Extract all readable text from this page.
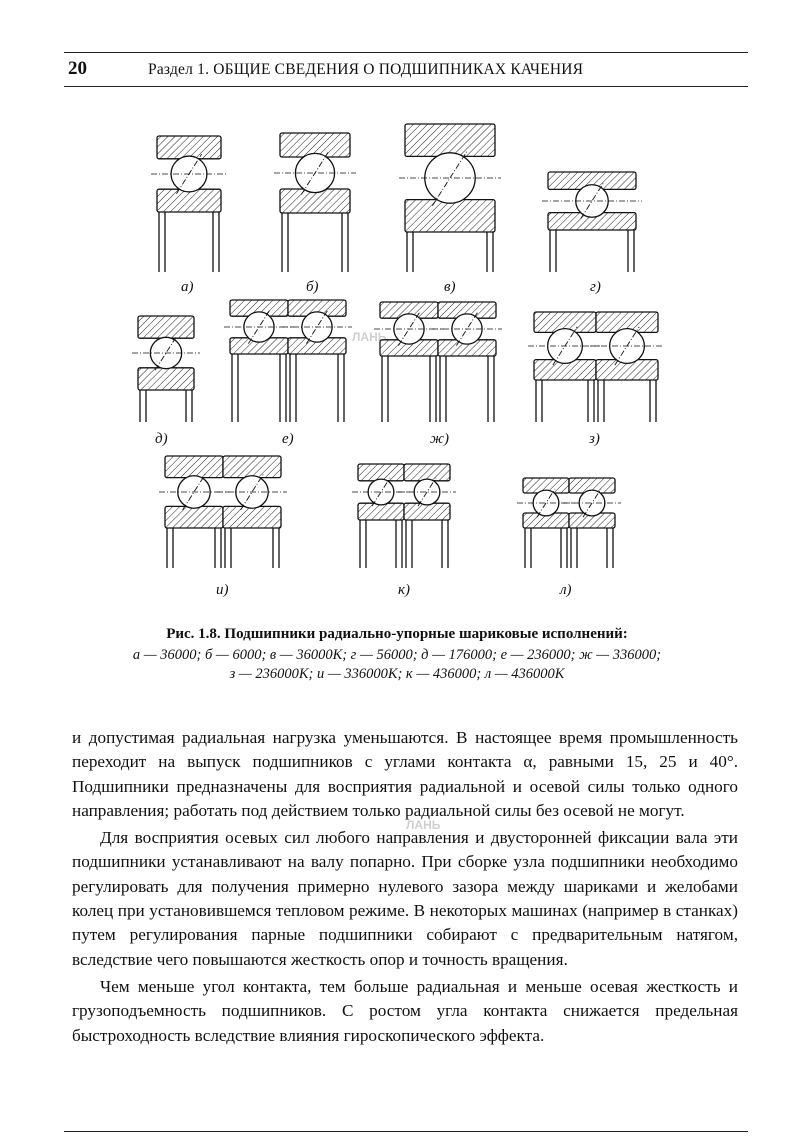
20	Раздел 1. ОБЩИЕ СВЕДЕНИЯ О ПОДШИПНИКАХ КАЧЕНИЯ
а)	б)	в)	г)
д)	е)	ж)	з)
и)	к)	л)
Рис. 1.8. Подшипники радиально-упорные шариковые исполнений:
а — 36000; б — 6000; в — 36000К; г — 56000; д — 176000; е — 236000; ж — 336000;
з — 236000К; и — 336000К; к — 436000; л — 436000К
ЛАНЬ
ЛАНЬ

и допустимая радиальная нагрузка уменьшаются. В настоящее время промышленность переходит на выпуск подшипников с углами контакта α, равными 15, 25 и 40°. Подшипники предназначены для восприятия радиальной и осевой силы только одного направления; работать под действием только радиальной силы без осевой не могут.

Для восприятия осевых сил любого направления и двусторонней фиксации вала эти подшипники устанавливают на валу попарно. При сборке узла подшипники необходимо регулировать для получения примерно нулевого зазора между шариками и желобами колец при установившемся тепловом режиме. В некоторых машинах (например в станках) путем регулирования парные подшипники собирают с предварительным натягом, вследствие чего повышаются жесткость опор и точность вращения.

Чем меньше угол контакта, тем больше радиальная и меньше осевая жесткость и грузоподъемность подшипников. С ростом угла контакта снижается предельная быстроходность вследствие влияния гироскопического эффекта.
